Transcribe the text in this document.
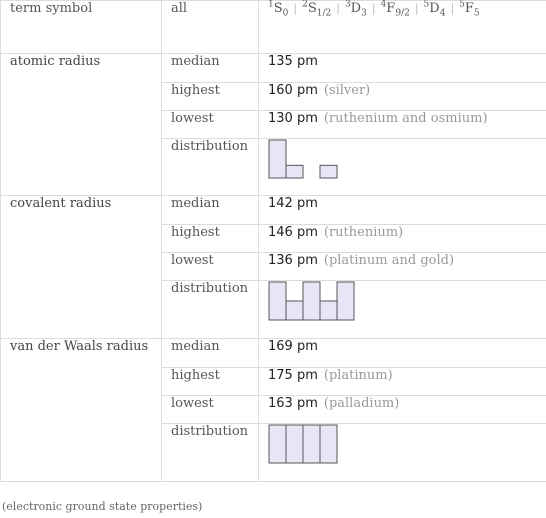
term symbol	all	$^1S_0$ | $^2S_{1/2}$ | $^3D_3$ | $^4F_{9/2}$ | $^5D_4$ | $^5F_5$
atomic radius	median	135 pm
	highest	160 pm (silver)
	lowest	130 pm (ruthenium and osmium)
	distribution	

covalent radius	median	142 pm
	highest	146 pm (ruthenium)
	lowest	136 pm (platinum and gold)
	distribution	

van der Waals radius	median	169 pm
	highest	175 pm (platinum)
	lowest	163 pm (palladium)
	distribution	
(electronic ground state properties)
